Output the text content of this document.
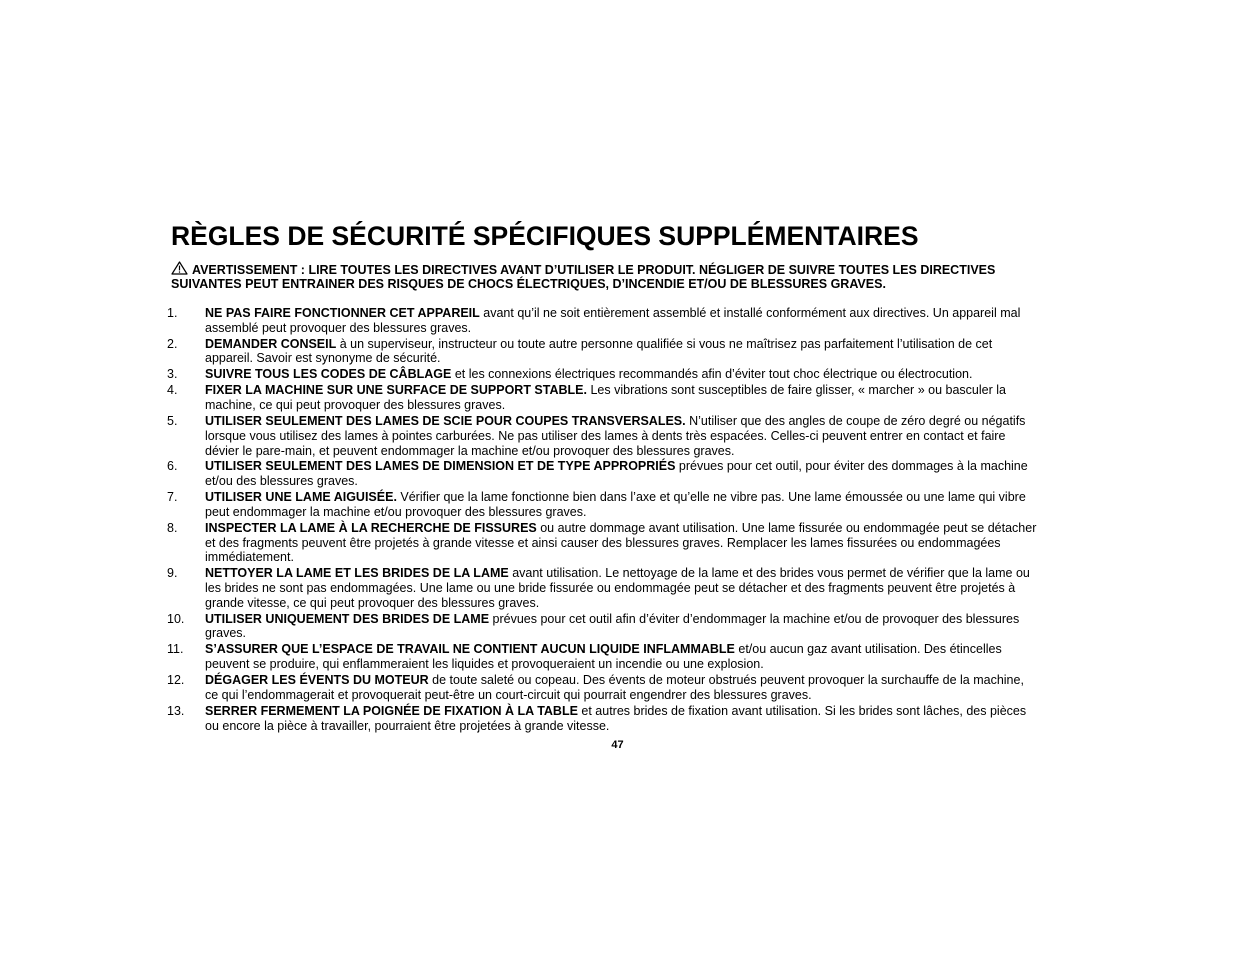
RÈGLES DE SÉCURITÉ SPÉCIFIQUES SUPPLÉMENTAIRES

AVERTISSEMENT : LIRE TOUTES LES DIRECTIVES AVANT D’UTILISER LE PRODUIT. NÉGLIGER DE SUIVRE TOUTES LES DIRECTIVES SUIVANTES PEUT ENTRAINER DES RISQUES DE CHOCS ÉLECTRIQUES, D’INCENDIE ET/OU DE BLESSURES GRAVES.

1.	NE PAS FAIRE FONCTIONNER CET APPAREIL avant qu’il ne soit entièrement assemblé et installé conformément aux directives. Un appareil mal assemblé peut provoquer des blessures graves.
2.	DEMANDER CONSEIL à un superviseur, instructeur ou toute autre personne qualifiée si vous ne maîtrisez pas parfaitement l’utilisation de cet appareil. Savoir est synonyme de sécurité.
3.	SUIVRE TOUS LES CODES DE CÂBLAGE et les connexions électriques recommandés afin d’éviter tout choc électrique ou électrocution.
4.	FIXER LA MACHINE SUR UNE SURFACE DE SUPPORT STABLE. Les vibrations sont susceptibles de faire glisser, « marcher » ou basculer la machine, ce qui peut provoquer des blessures graves.
5.	UTILISER SEULEMENT DES LAMES DE SCIE POUR COUPES TRANSVERSALES. N’utiliser que des angles de coupe de zéro degré ou négatifs lorsque vous utilisez des lames à pointes carburées. Ne pas utiliser des lames à dents très espacées. Celles-ci peuvent entrer en contact et faire dévier le pare-main, et peuvent endommager la machine et/ou provoquer des blessures graves.
6.	UTILISER SEULEMENT DES LAMES DE DIMENSION ET DE TYPE APPROPRIÉS prévues pour cet outil, pour éviter des dommages à la machine et/ou des blessures graves.
7.	UTILISER UNE LAME AIGUISÉE. Vérifier que la lame fonctionne bien dans l’axe et qu’elle ne vibre pas. Une lame émoussée ou une lame qui vibre peut endommager la machine et/ou provoquer des blessures graves.
8.	INSPECTER LA LAME À LA RECHERCHE DE FISSURES ou autre dommage avant utilisation. Une lame fissurée ou endommagée peut se détacher et des fragments peuvent être projetés à grande vitesse et ainsi causer des blessures graves. Remplacer les lames fissurées ou endommagées immédiatement.
9.	NETTOYER LA LAME ET LES BRIDES DE LA LAME avant utilisation. Le nettoyage de la lame et des brides vous permet de vérifier que la lame ou les brides ne sont pas endommagées. Une lame ou une bride fissurée ou endommagée peut se détacher et des fragments peuvent être projetés à grande vitesse, ce qui peut provoquer des blessures graves.
10.	UTILISER UNIQUEMENT DES BRIDES DE LAME prévues pour cet outil afin d’éviter d’endommager la machine et/ou de provoquer des blessures graves.
11.	S’ASSURER QUE L’ESPACE DE TRAVAIL NE CONTIENT AUCUN LIQUIDE INFLAMMABLE et/ou aucun gaz avant utilisation. Des étincelles peuvent se produire, qui enflammeraient les liquides et provoqueraient un incendie ou une explosion.
12.	DÉGAGER LES ÉVENTS DU MOTEUR de toute saleté ou copeau. Des évents de moteur obstrués peuvent provoquer la surchauffe de la machine, ce qui l’endommagerait et provoquerait peut-être un court-circuit qui pourrait engendrer des blessures graves.
13.	SERRER FERMEMENT LA POIGNÉE DE FIXATION À LA TABLE et autres brides de fixation avant utilisation. Si les brides sont lâches, des pièces ou encore la pièce à travailler, pourraient être projetées à grande vitesse.
47
